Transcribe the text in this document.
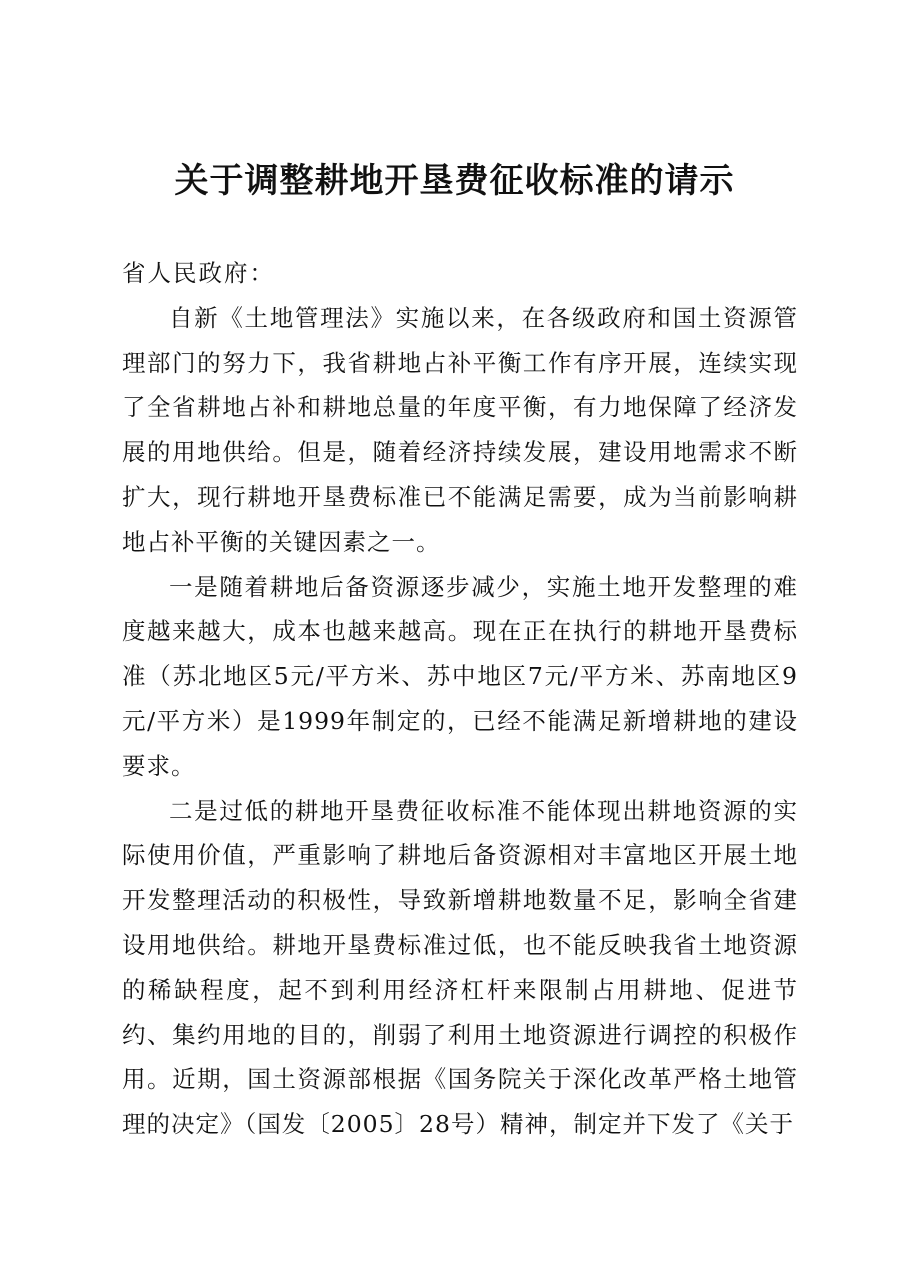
关于调整耕地开垦费征收标准的请示

省人民政府：

自新《土地管理法》实施以来，在各级政府和国土资源管理部门的努力下，我省耕地占补平衡工作有序开展，连续实现了全省耕地占补和耕地总量的年度平衡，有力地保障了经济发展的用地供给。但是，随着经济持续发展，建设用地需求不断扩大，现行耕地开垦费标准已不能满足需要，成为当前影响耕地占补平衡的关键因素之一。

一是随着耕地后备资源逐步减少，实施土地开发整理的难度越来越大，成本也越来越高。现在正在执行的耕地开垦费标准（苏北地区5元/平方米、苏中地区7元/平方米、苏南地区9元/平方米）是1999年制定的，已经不能满足新增耕地的建设要求。

二是过低的耕地开垦费征收标准不能体现出耕地资源的实际使用价值，严重影响了耕地后备资源相对丰富地区开展土地开发整理活动的积极性，导致新增耕地数量不足，影响全省建设用地供给。耕地开垦费标准过低，也不能反映我省土地资源的稀缺程度，起不到利用经济杠杆来限制占用耕地、促进节约、集约用地的目的，削弱了利用土地资源进行调控的积极作用。近期，国土资源部根据《国务院关于深化改革严格土地管理的决定》（国发〔2005〕28号）精神，制定并下发了《关于
